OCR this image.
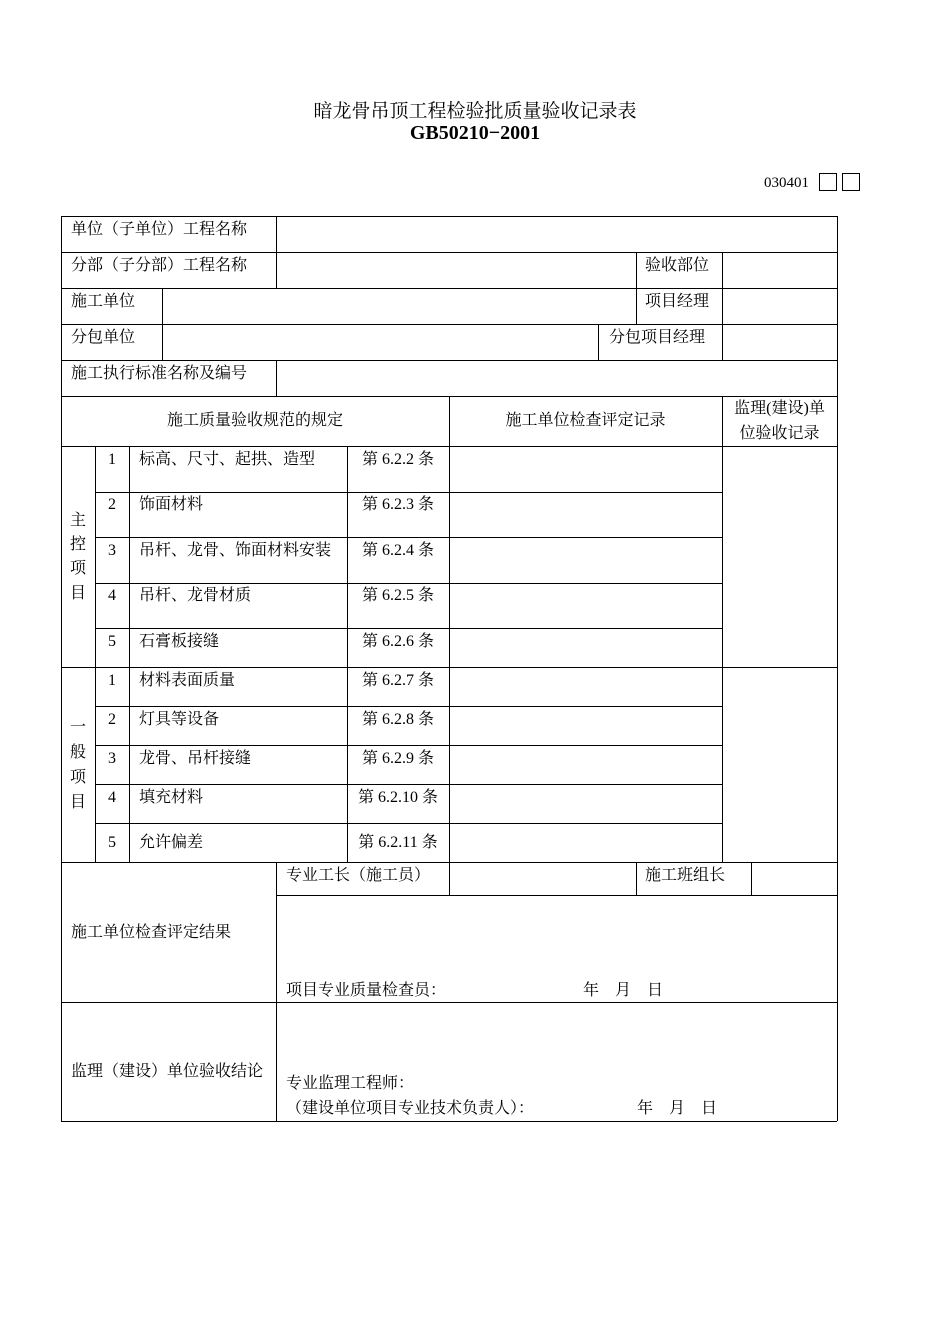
暗龙骨吊顶工程检验批质量验收记录表
GB50210−2001
030401
单位（子单位）工程名称
分部（子分部）工程名称	验收部位
施工单位	项目经理
分包单位	分包项目经理
施工执行标准名称及编号
施工质量验收规范的规定	施工单位检查评定记录
监理(建设)单
位验收记录
主
控
项
目
1	标高、尺寸、起拱、造型	第 6.2.2 条
2	饰面材料	第 6.2.3 条
3	吊杆、龙骨、饰面材料安装	第 6.2.4 条
4	吊杆、龙骨材质	第 6.2.5 条
5	石膏板接缝	第 6.2.6 条
一
般
项
目
1	材料表面质量	第 6.2.7 条
2	灯具等设备	第 6.2.8 条
3	龙骨、吊杆接缝	第 6.2.9 条
4	填充材料	第 6.2.10 条
5	允许偏差	第 6.2.11 条
专业工长（施工员）	施工班组长
施工单位检查评定结果
项目专业质量检查员：	年　月　日
监理（建设）单位验收结论
专业监理工程师：
（建设单位项目专业技术负责人）：	年　月　日
